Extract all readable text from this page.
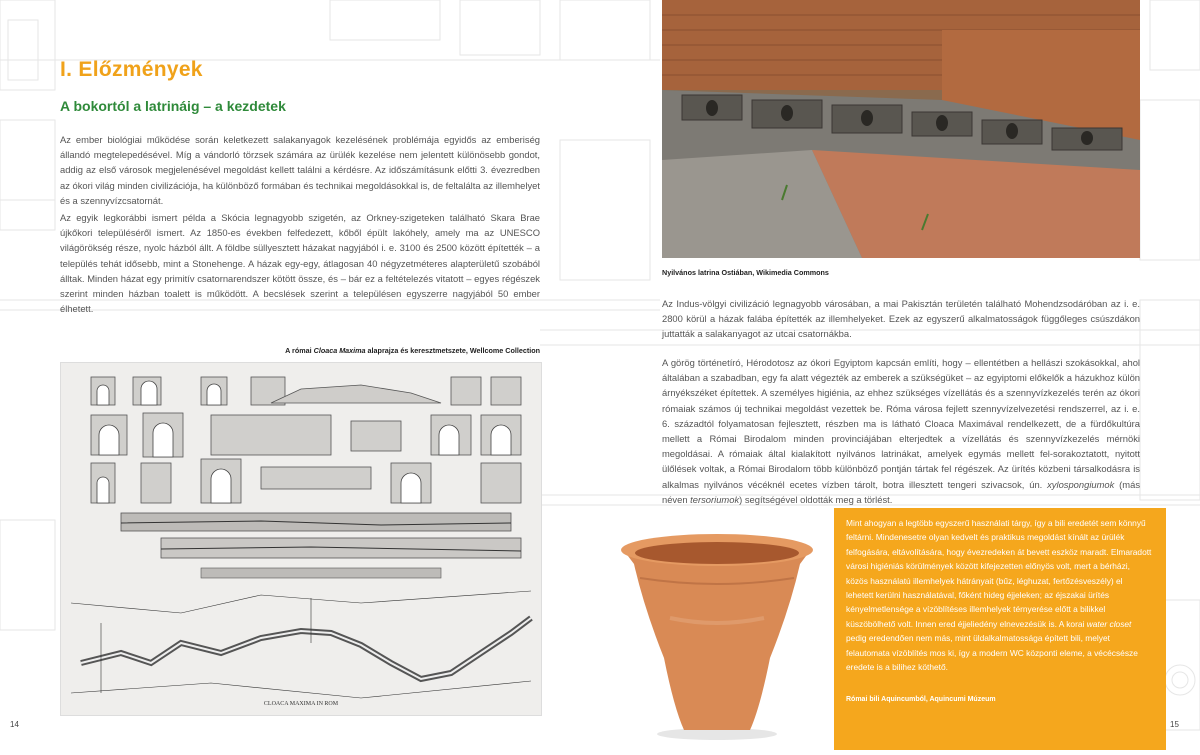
I. Előzmények
A bokortól a latrináig – a kezdetek
Az ember biológiai működése során keletkezett salakanyagok kezelésének problémája egyidős az emberiség állandó megtelepedésével. Míg a vándorló törzsek számára az ürülék kezelése nem jelentett különösebb gondot, addig az első városok megjelenésével megoldást kellett találni a kérdésre. Az időszámításunk előtti 3. évezredben az ókori világ minden civilizációja, ha különböző formában és technikai megoldásokkal is, de feltalálta az illemhelyet és a szennyvízcsatornát.
Az egyik legkorábbi ismert példa a Skócia legnagyobb szigetén, az Orkney-szigeteken található Skara Brae újkőkori településéről ismert. Az 1850-es években felfedezett, kőből épült lakóhely, amely ma az UNESCO világörökség része, nyolc házból állt. A földbe süllyesztett házakat nagyjából i. e. 3100 és 2500 között építették – a település tehát idősebb, mint a Stonehenge. A házak egy-egy, átlagosan 40 négyzetméteres alapterületű szobából álltak. Minden házat egy primitív csatornarendszer kötött össze, és – bár ez a feltételezés vitatott – egyes régészek szerint minden házban toalett is működött. A becslések szerint a településen egyszerre nagyjából 50 ember élhetett.
A római Cloaca Maxima alaprajza és keresztmetszete, Wellcome Collection
CLOACA MAXIMA IN ROM
Nyilvános latrina Ostiában, Wikimedia Commons
Az Indus-völgyi civilizáció legnagyobb városában, a mai Pakisztán területén található Mohendzsodáróban az i. e. 2800 körül a házak falába építették az illemhelyeket. Ezek az egyszerű alkalmatosságok függőleges csúszdákon juttatták a salakanyagot az utcai csatornákba.
A görög történetíró, Hérodotosz az ókori Egyiptom kapcsán említi, hogy – ellentétben a hellászi szokásokkal, ahol általában a szabadban, egy fa alatt végezték az emberek a szükségüket – az egyiptomi előkelők a házukhoz külön árnyékszéket építettek. A személyes higiénia, az ehhez szükséges vízellátás és a szennyvízkezelés terén az ókori rómaiak számos új technikai megoldást vezettek be. Róma városa fejlett szennyvízelvezetési rendszerrel, az i. e. 6. századtól folyamatosan fejlesztett, részben ma is látható Cloaca Maximával rendelkezett, de a fürdőkultúra mellett a Római Birodalom minden provinciájában elterjedtek a vízellátás és szennyvízkezelés mérnöki megoldásai. A rómaiak által kialakított nyilvános latrinákat, amelyek egymás mellett fel-sorakoztatott, nyitott ülőlések voltak, a Római Birodalom több különböző pontján tártak fel régészek. Az ürítés közbeni társalkodásra is alkalmas nyilvános vécéknél ecetes vízben tárolt, botra illesztett tengeri szivacsok, ún. xylospongiumok (más néven tersoriumok) segítségével oldották meg a törlést.
Mint ahogyan a legtöbb egyszerű használati tárgy, így a bili eredetét sem könnyű feltárni. Mindenesetre olyan kedvelt és praktikus megoldást kínált az ürülék felfogására, eltávolítására, hogy évezredeken át bevett eszköz maradt. Elmaradott városi higiéniás körülmények között kifejezetten előnyös volt, mert a bérházi, közös használatú illemhelyek hátrányait (bűz, léghuzat, fertőzésveszély) el lehetett kerülni használatával, főként hideg éjjeleken; az éjszakai ürítés kényelmetlensége a vízöblítéses illemhelyek térnyerése előtt a bilikkel küszöbölhető volt. Innen ered éjjeliedény elnevezésük is. A korai water closet pedig eredendően nem más, mint üldalkalmatossága épített bili, melyet felautomata vízöblítés mos ki, így a modern WC központi eleme, a vécécsésze eredete is a bilihez köthető.
Római bili Aquincumból, Aquincumi Múzeum
14	15
